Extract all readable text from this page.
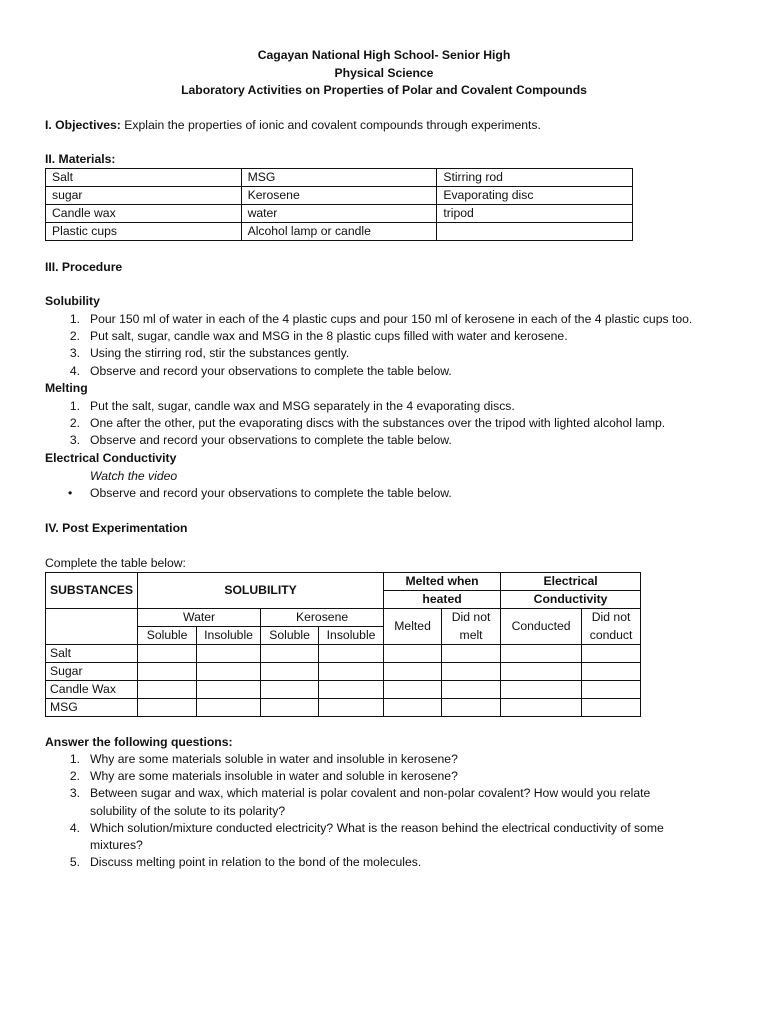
Cagayan National High School- Senior High
Physical Science
Laboratory Activities on Properties of Polar and Covalent Compounds
I. Objectives: Explain the properties of ionic and covalent compounds through experiments.
II. Materials:
Salt	MSG	Stirring rod
sugar	Kerosene	Evaporating disc
Candle wax	water	tripod
Plastic cups	Alcohol lamp or candle	
III. Procedure
Solubility
1. Pour 150 ml of water in each of the 4 plastic cups and pour 150 ml of kerosene in each of the 4 plastic cups too.
2. Put salt, sugar, candle wax and MSG in the 8 plastic cups filled with water and kerosene.
3. Using the stirring rod, stir the substances gently.
4. Observe and record your observations to complete the table below.
Melting
1. Put the salt, sugar, candle wax and MSG separately in the 4 evaporating discs.
2. One after the other, put the evaporating discs with the substances over the tripod with lighted alcohol lamp.
3. Observe and record your observations to complete the table below.
Electrical Conductivity
Watch the video
• Observe and record your observations to complete the table below.
IV. Post Experimentation
Complete the table below:
SUBSTANCES	SOLUBILITY				Melted when		Electrical	
					heated		Conductivity	
	Water		Kerosene		Melted	Did not	Conducted	Did not
	Soluble	Insoluble	Soluble	Insoluble		melt		conduct
Salt								
Sugar								
Candle Wax								
MSG								
Answer the following questions:
1. Why are some materials soluble in water and insoluble in kerosene?
2. Why are some materials insoluble in water and soluble in kerosene?
3. Between sugar and wax, which material is polar covalent and non-polar covalent? How would you relate
solubility of the solute to its polarity?
4. Which solution/mixture conducted electricity? What is the reason behind the electrical conductivity of some
mixtures?
5. Discuss melting point in relation to the bond of the molecules.
